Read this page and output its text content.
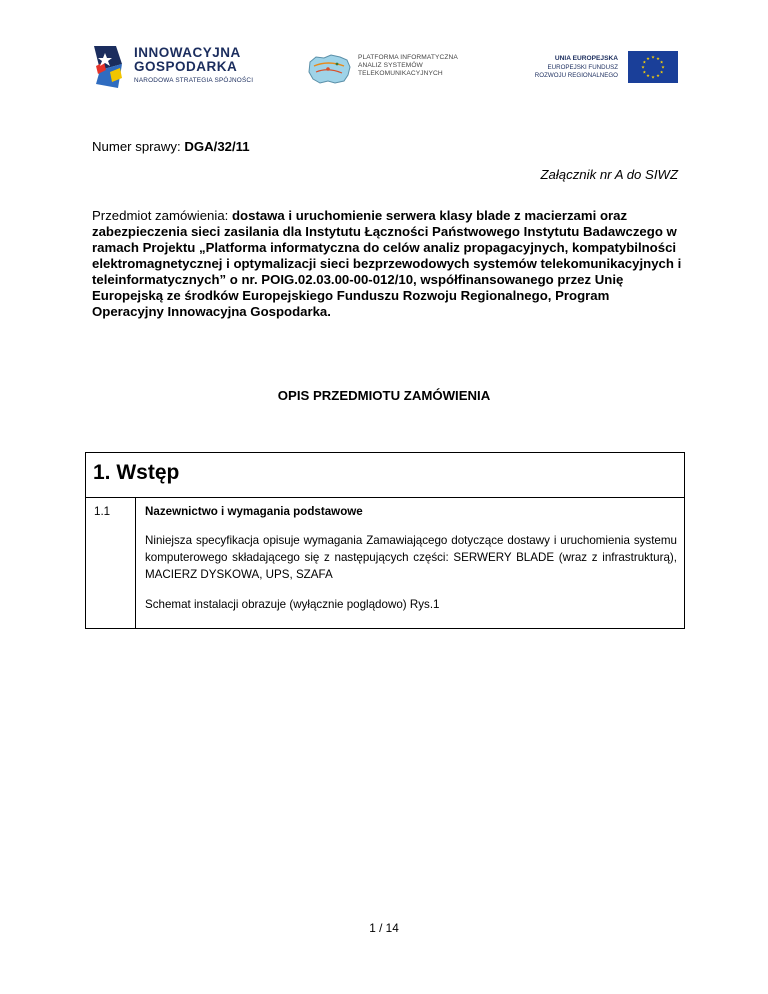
INNOWACYJNA
GOSPODARKA
NARODOWA STRATEGIA SPÓJNOŚCI
PLATFORMA INFORMATYCZNA
ANALIZ SYSTEMÓW
TELEKOMUNIKACYJNYCH
UNIA EUROPEJSKA
EUROPEJSKI FUNDUSZ
ROZWOJU REGIONALNEGO
★ ★
★
★
★
★
★
★
★
★
★
★
Numer sprawy: DGA/32/11
Załącznik nr A do SIWZ
Przedmiot zamówienia: dostawa i uruchomienie serwera klasy blade z macierzami oraz zabezpieczenia sieci zasilania dla Instytutu Łączności Państwowego Instytutu Badawczego w ramach Projektu „Platforma informatyczna do celów analiz propagacyjnych, kompatybilności elektromagnetycznej i optymalizacji sieci bezprzewodowych systemów telekomunikacyjnych i teleinformatycznych” o nr. POIG.02.03.00-00-012/10, współfinansowanego przez Unię Europejską ze środków Europejskiego Funduszu Rozwoju Regionalnego, Program Operacyjny Innowacyjna Gospodarka.
OPIS PRZEDMIOTU ZAMÓWIENIA
1. Wstęp
1.1	Nazewnictwo i wymagania podstawowe
Niniejsza specyfikacja opisuje wymagania Zamawiającego dotyczące dostawy i uruchomienia systemu komputerowego składającego się z następujących części: SERWERY BLADE (wraz z infrastrukturą), MACIERZ DYSKOWA, UPS, SZAFA
Schemat instalacji obrazuje (wyłącznie poglądowo) Rys.1
1 / 14
